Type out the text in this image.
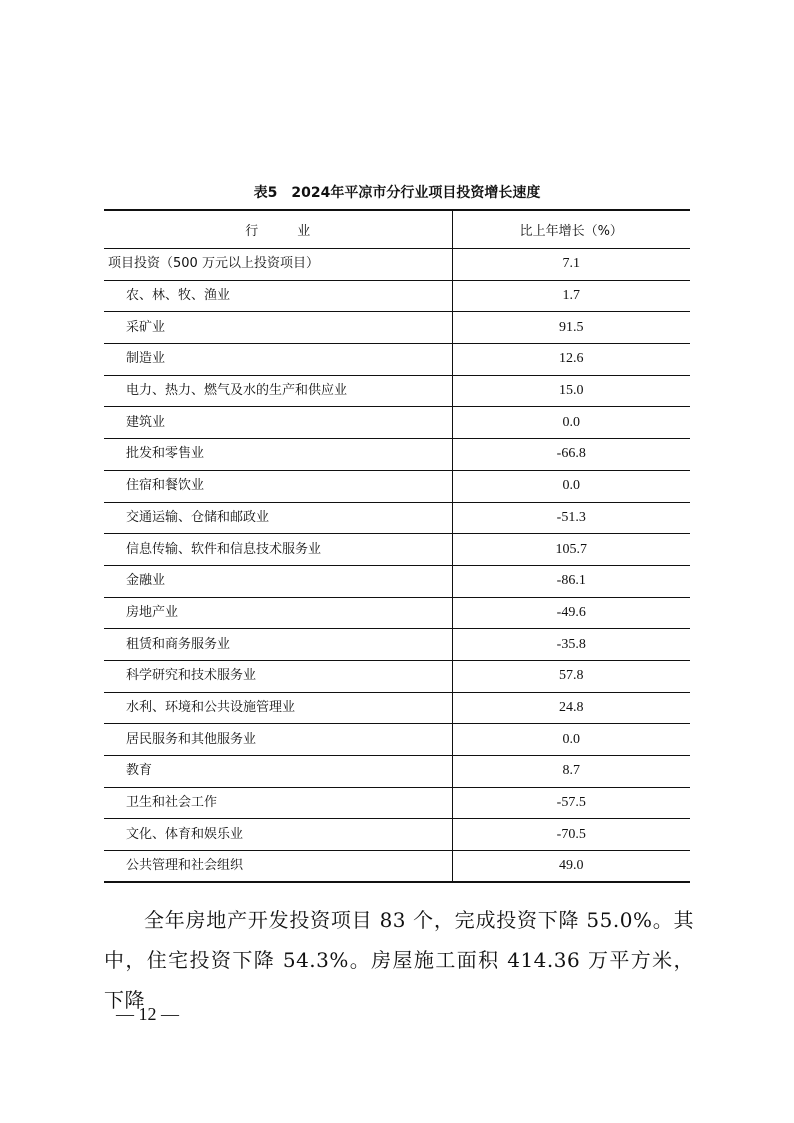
表5　2024年平凉市分行业项目投资增长速度
行　　　业	比上年增长（%）
项目投资（500 万元以上投资项目）	7.1
农、林、牧、渔业	1.7
采矿业	91.5
制造业	12.6
电力、热力、燃气及水的生产和供应业	15.0
建筑业	0.0
批发和零售业	-66.8
住宿和餐饮业	0.0
交通运输、仓储和邮政业	-51.3
信息传输、软件和信息技术服务业	105.7
金融业	-86.1
房地产业	-49.6
租赁和商务服务业	-35.8
科学研究和技术服务业	57.8
水利、环境和公共设施管理业	24.8
居民服务和其他服务业	0.0
教育	8.7
卫生和社会工作	-57.5
文化、体育和娱乐业	-70.5
公共管理和社会组织	49.0

全年房地产开发投资项目 83 个，完成投资下降 55.0%。其中，住宅投资下降 54.3%。房屋施工面积 414.36 万平方米，下降

— 12 —
